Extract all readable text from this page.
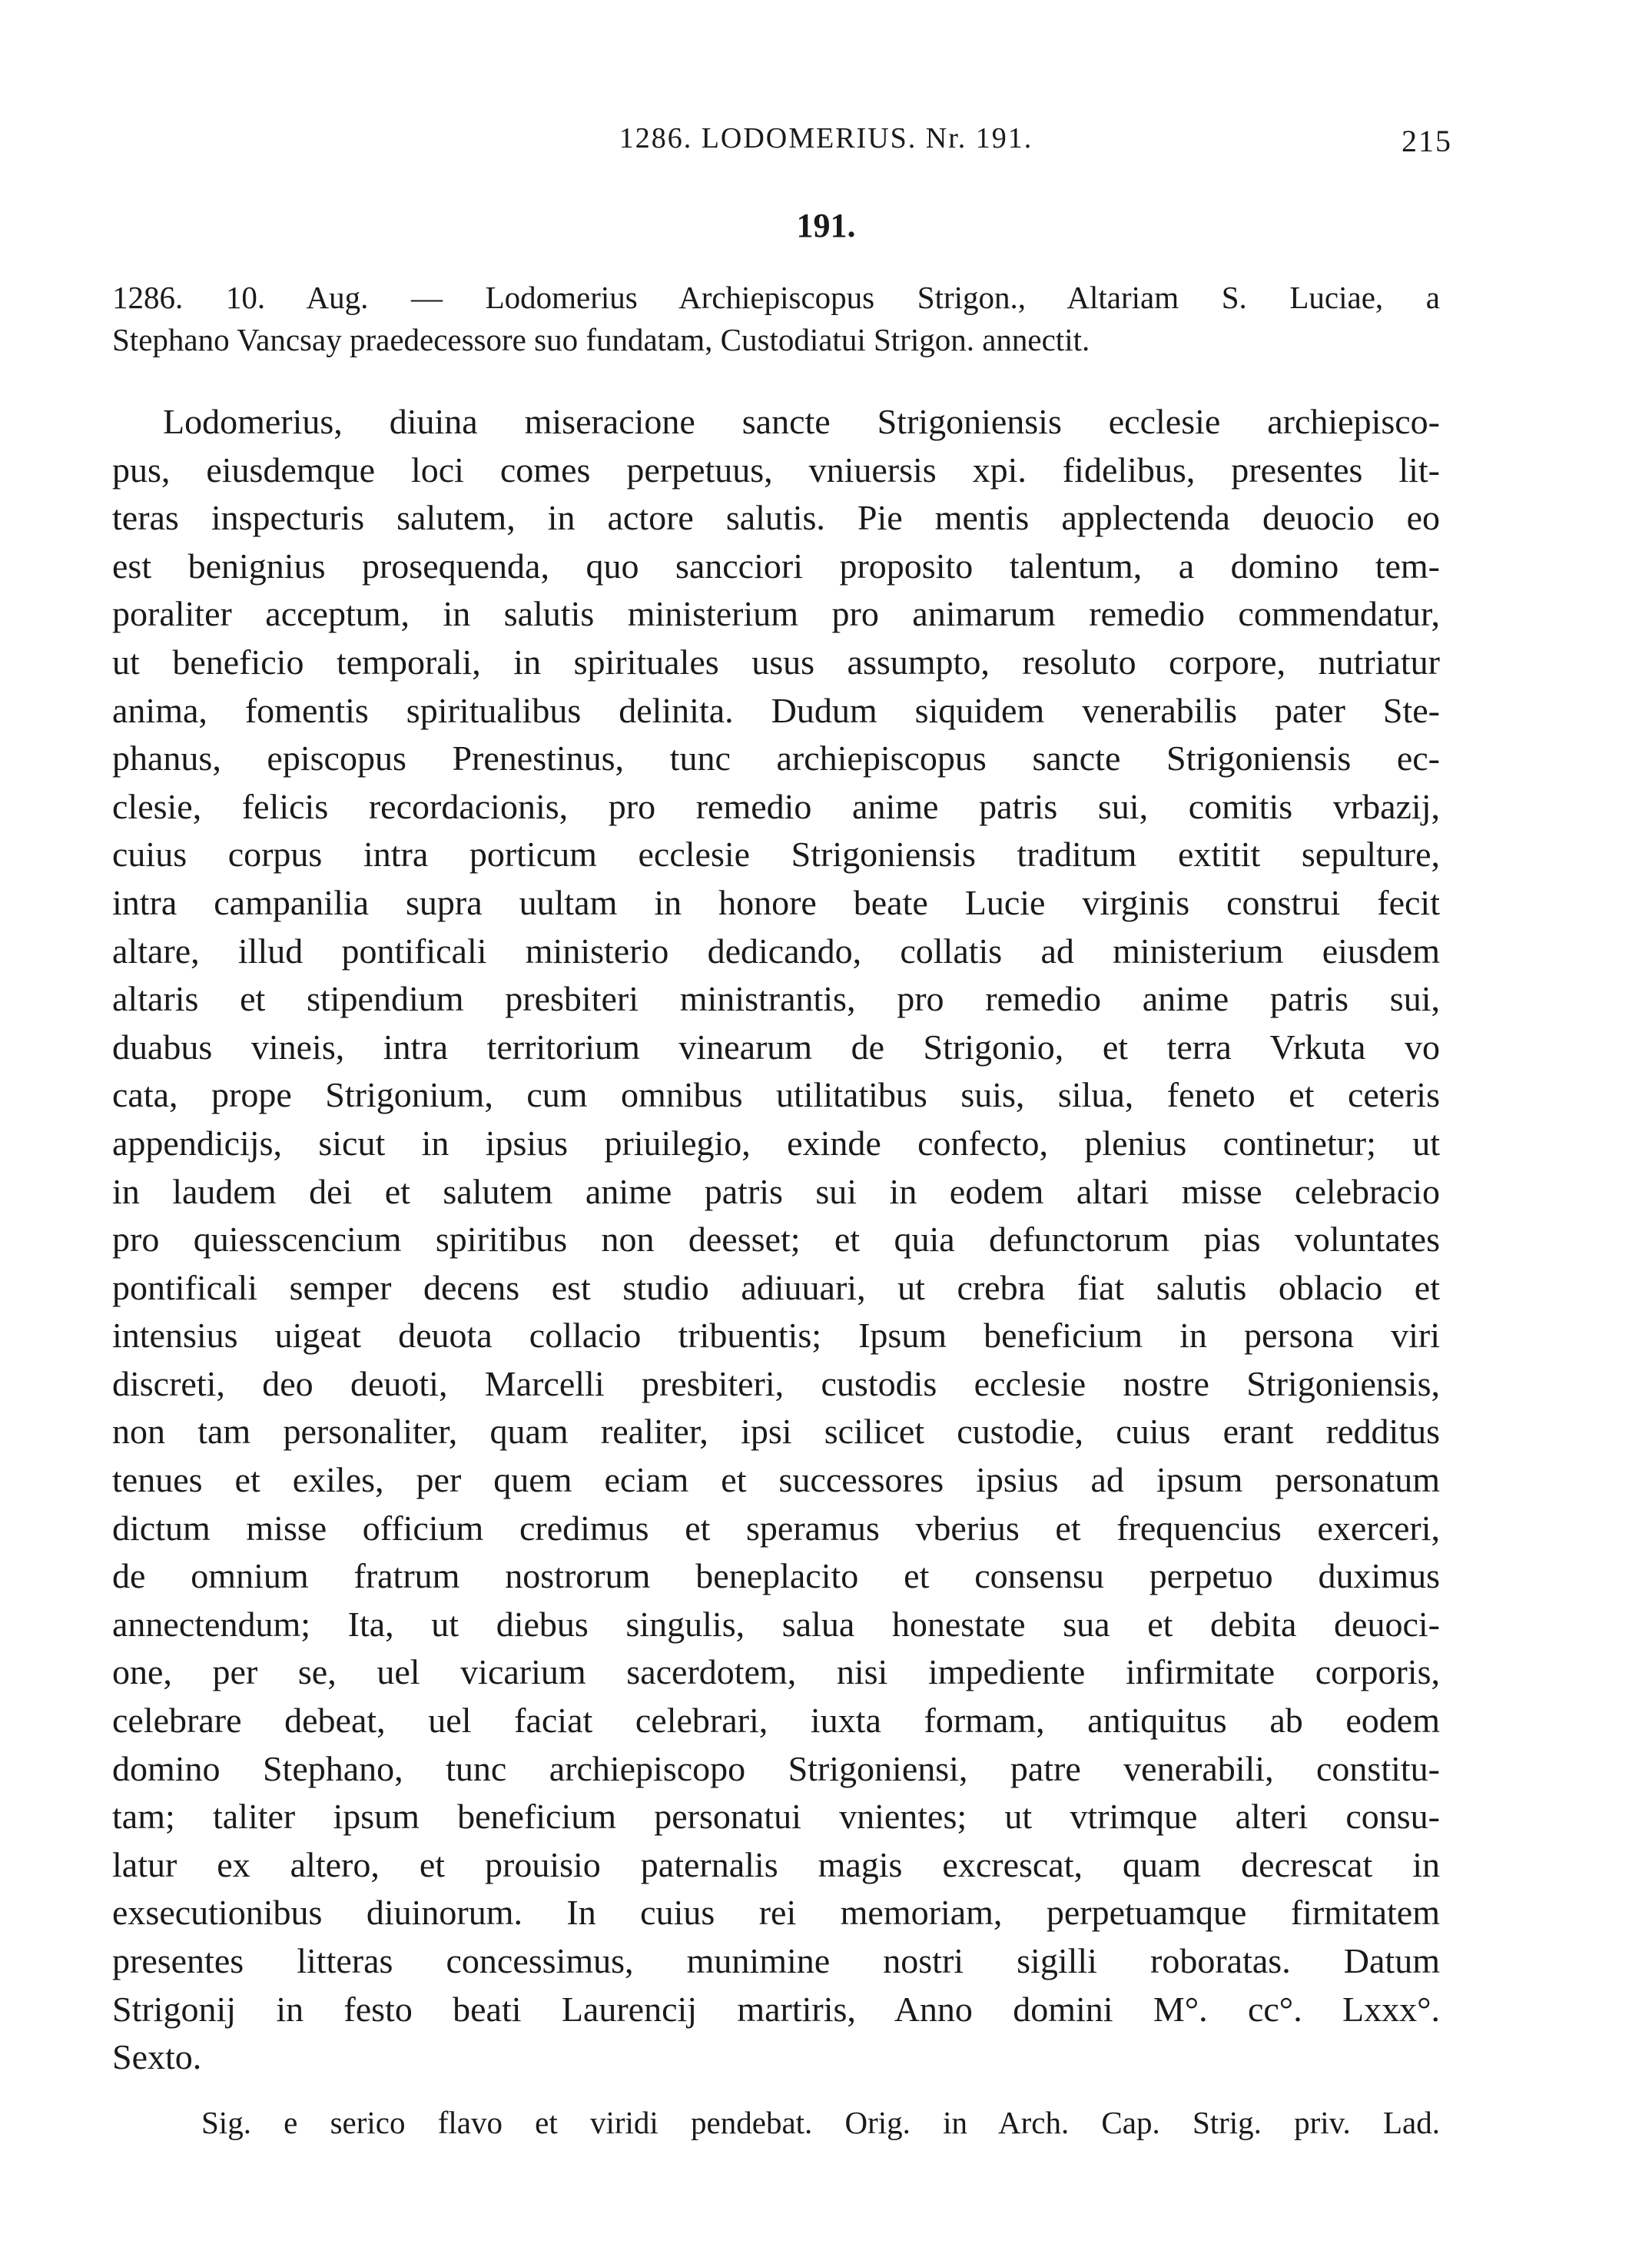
1286. LODOMERIUS. Nr. 191.	215
191.
1286. 10. Aug. — Lodomerius Archiepiscopus Strigon., Altariam S. Luciae, a
Stephano Vancsay praedecessore suo fundatam, Custodiatui Strigon. annectit.
Lodomerius, diuina miseracione sancte Strigoniensis ecclesie archiepisco-
pus, eiusdemque loci comes perpetuus, vniuersis xpi. fidelibus, presentes lit-
teras inspecturis salutem, in actore salutis. Pie mentis applectenda deuocio eo
est benignius prosequenda, quo sancciori proposito talentum, a domino tem-
poraliter acceptum, in salutis ministerium pro animarum remedio commendatur,
ut beneficio temporali, in spirituales usus assumpto, resoluto corpore, nutriatur
anima, fomentis spiritualibus delinita. Dudum siquidem venerabilis pater Ste-
phanus, episcopus Prenestinus, tunc archiepiscopus sancte Strigoniensis ec-
clesie, felicis recordacionis, pro remedio anime patris sui, comitis vrbazij,
cuius corpus intra porticum ecclesie Strigoniensis traditum extitit sepulture,
intra campanilia supra uultam in honore beate Lucie virginis construi fecit
altare, illud pontificali ministerio dedicando, collatis ad ministerium eiusdem
altaris et stipendium presbiteri ministrantis, pro remedio anime patris sui,
duabus vineis, intra territorium vinearum de Strigonio, et terra Vrkuta vo
cata, prope Strigonium, cum omnibus utilitatibus suis, silua, feneto et ceteris
appendicijs, sicut in ipsius priuilegio, exinde confecto, plenius continetur; ut
in laudem dei et salutem anime patris sui in eodem altari misse celebracio
pro quiesscencium spiritibus non deesset; et quia defunctorum pias voluntates
pontificali semper decens est studio adiuuari, ut crebra fiat salutis oblacio et
intensius uigeat deuota collacio tribuentis; Ipsum beneficium in persona viri
discreti, deo deuoti, Marcelli presbiteri, custodis ecclesie nostre Strigoniensis,
non tam personaliter, quam realiter, ipsi scilicet custodie, cuius erant redditus
tenues et exiles, per quem eciam et successores ipsius ad ipsum personatum
dictum misse officium credimus et speramus vberius et frequencius exerceri,
de omnium fratrum nostrorum beneplacito et consensu perpetuo duximus
annectendum; Ita, ut diebus singulis, salua honestate sua et debita deuoci-
one, per se, uel vicarium sacerdotem, nisi impediente infirmitate corporis,
celebrare debeat, uel faciat celebrari, iuxta formam, antiquitus ab eodem
domino Stephano, tunc archiepiscopo Strigoniensi, patre venerabili, constitu-
tam; taliter ipsum beneficium personatui vnientes; ut vtrimque alteri consu-
latur ex altero, et prouisio paternalis magis excrescat, quam decrescat in
exsecutionibus diuinorum. In cuius rei memoriam, perpetuamque firmitatem
presentes litteras concessimus, munimine nostri sigilli roboratas. Datum
Strigonij in festo beati Laurencij martiris, Anno domini M°. cc°. Lxxx°.
Sexto.
Sig. e serico flavo et viridi pendebat. Orig. in Arch. Cap. Strig. priv. Lad.
